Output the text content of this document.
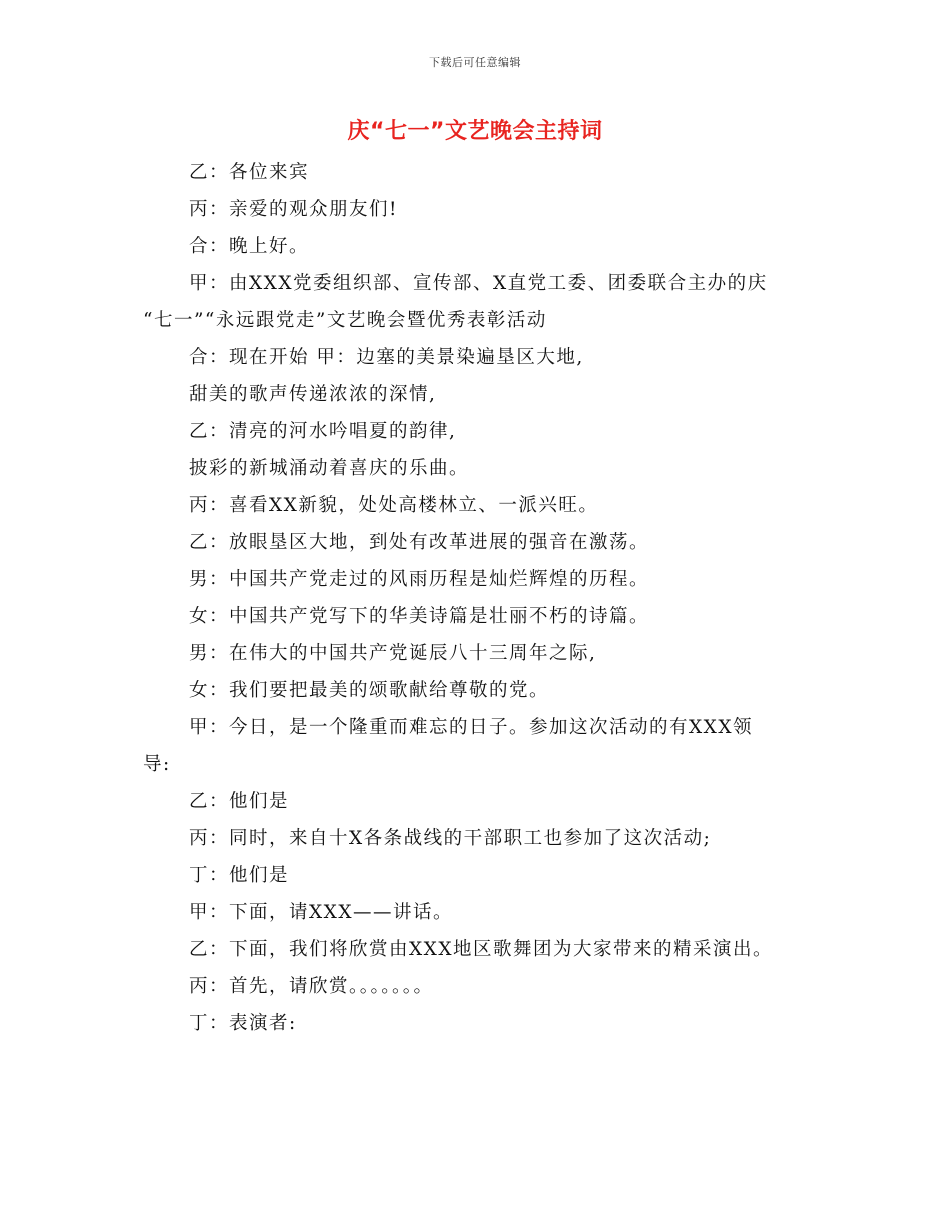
下载后可任意编辑
庆“七一”文艺晚会主持词
乙：各位来宾
丙：亲爱的观众朋友们!
合：晚上好。
甲：由XXX党委组织部、宣传部、X直党工委、团委联合主办的庆
“七一”“永远跟党走”文艺晚会暨优秀表彰活动
合：现在开始 甲：边塞的美景染遍垦区大地,
甜美的歌声传递浓浓的深情,
乙：清亮的河水吟唱夏的韵律,
披彩的新城涌动着喜庆的乐曲。
丙：喜看XX新貌，处处高楼林立、一派兴旺。
乙：放眼垦区大地，到处有改革进展的强音在激荡。
男：中国共产党走过的风雨历程是灿烂辉煌的历程。
女：中国共产党写下的华美诗篇是壮丽不朽的诗篇。
男：在伟大的中国共产党诞辰八十三周年之际,
女：我们要把最美的颂歌献给尊敬的党。
甲：今日，是一个隆重而难忘的日子。参加这次活动的有XXX领
导:
乙：他们是
丙：同时，来自十X各条战线的干部职工也参加了这次活动;
丁：他们是
甲：下面，请XXX——讲话。
乙：下面，我们将欣赏由XXX地区歌舞团为大家带来的精采演出。
丙：首先，请欣赏。。。。。。。
丁：表演者:
